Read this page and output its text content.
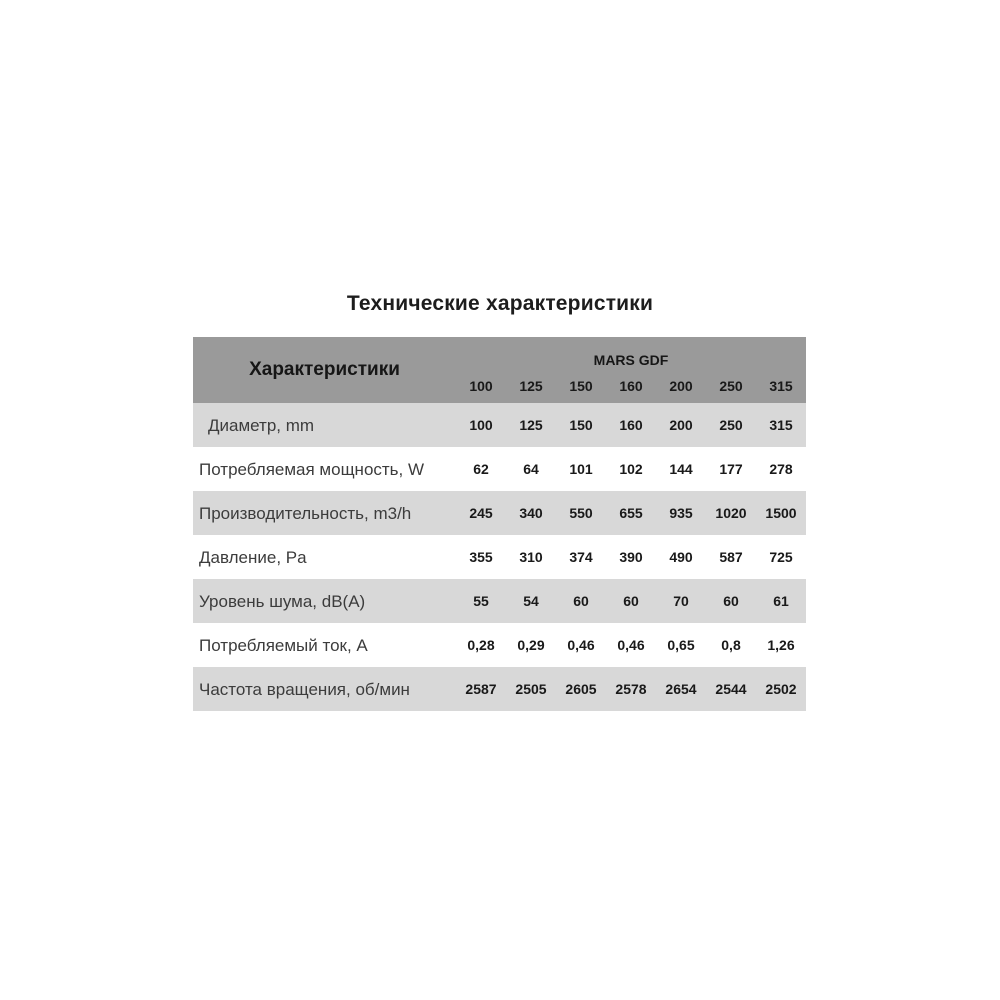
Технические характеристики
Характеристики	MARS GDF
100	125	150	160	200	250	315
Диаметр, mm	100	125	150	160	200	250	315
Потребляемая мощность, W	62	64	101	102	144	177	278
Производительность, m3/h	245	340	550	655	935	1020	1500
Давление, Pa	355	310	374	390	490	587	725
Уровень шума, dB(A)	55	54	60	60	70	60	61
Потребляемый ток, A	0,28	0,29	0,46	0,46	0,65	0,8	1,26
Частота вращения, об/мин	2587	2505	2605	2578	2654	2544	2502
